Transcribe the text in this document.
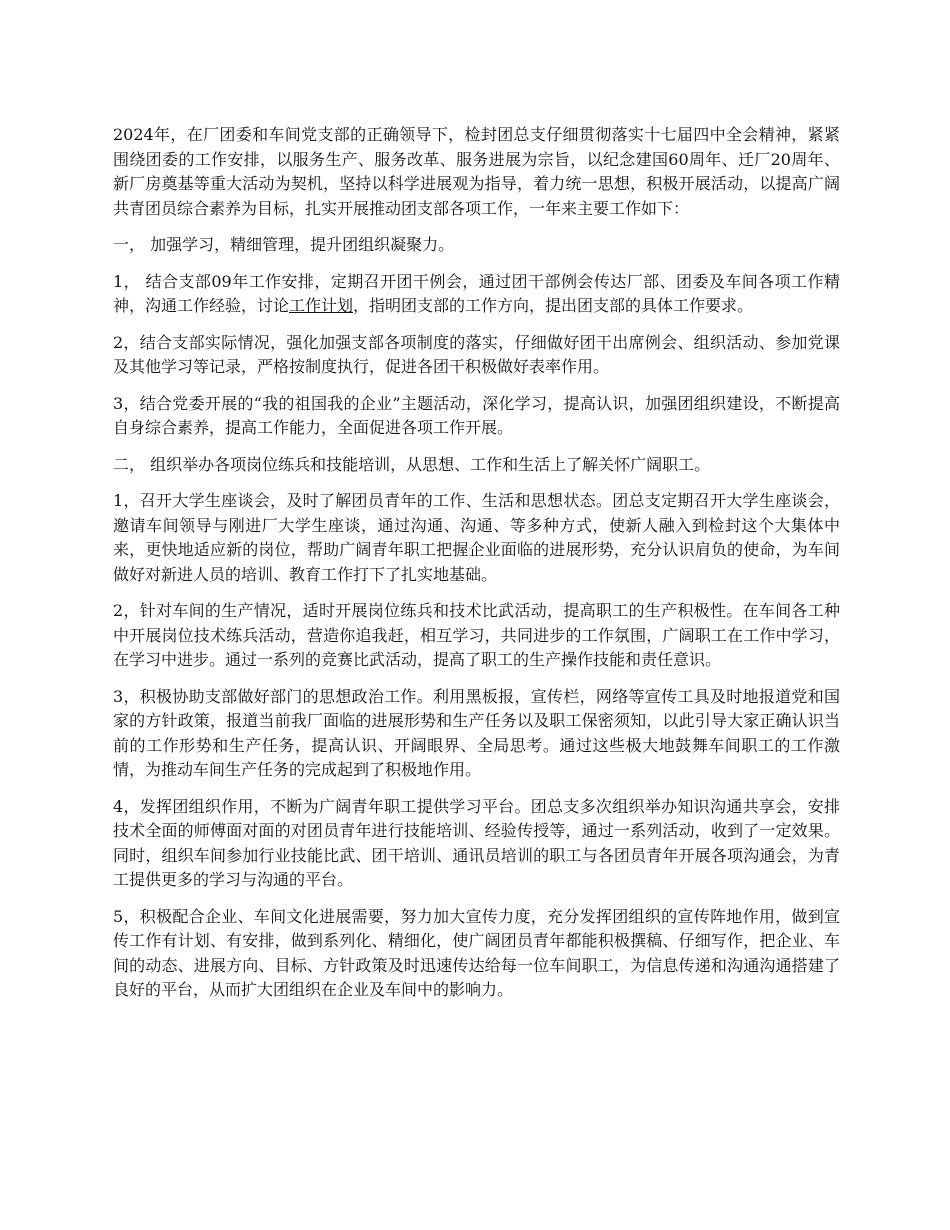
2024年，在厂团委和车间党支部的正确领导下，检封团总支仔细贯彻落实十七届四中全会精神，紧紧围绕团委的工作安排，以服务生产、服务改革、服务进展为宗旨，以纪念建国60周年、迁厂20周年、新厂房奠基等重大活动为契机，坚持以科学进展观为指导，着力统一思想，积极开展活动，以提高广阔共青团员综合素养为目标，扎实开展推动团支部各项工作，一年来主要工作如下：

一， 加强学习，精细管理，提升团组织凝聚力。

1， 结合支部09年工作安排，定期召开团干例会，通过团干部例会传达厂部、团委及车间各项工作精神，沟通工作经验，讨论工作计划，指明团支部的工作方向，提出团支部的具体工作要求。

2，结合支部实际情况，强化加强支部各项制度的落实，仔细做好团干出席例会、组织活动、参加党课及其他学习等记录，严格按制度执行，促进各团干积极做好表率作用。

3，结合党委开展的“我的祖国我的企业”主题活动，深化学习，提高认识，加强团组织建设，不断提高自身综合素养，提高工作能力，全面促进各项工作开展。

二， 组织举办各项岗位练兵和技能培训，从思想、工作和生活上了解关怀广阔职工。

1，召开大学生座谈会，及时了解团员青年的工作、生活和思想状态。团总支定期召开大学生座谈会，邀请车间领导与刚进厂大学生座谈，通过沟通、沟通、等多种方式，使新人融入到检封这个大集体中来，更快地适应新的岗位，帮助广阔青年职工把握企业面临的进展形势，充分认识肩负的使命，为车间做好对新进人员的培训、教育工作打下了扎实地基础。

2，针对车间的生产情况，适时开展岗位练兵和技术比武活动，提高职工的生产积极性。在车间各工种中开展岗位技术练兵活动，营造你追我赶，相互学习，共同进步的工作氛围，广阔职工在工作中学习，在学习中进步。通过一系列的竞赛比武活动，提高了职工的生产操作技能和责任意识。

3，积极协助支部做好部门的思想政治工作。利用黑板报，宣传栏，网络等宣传工具及时地报道党和国家的方针政策，报道当前我厂面临的进展形势和生产任务以及职工保密须知，以此引导大家正确认识当前的工作形势和生产任务，提高认识、开阔眼界、全局思考。通过这些极大地鼓舞车间职工的工作激情，为推动车间生产任务的完成起到了积极地作用。

4，发挥团组织作用，不断为广阔青年职工提供学习平台。团总支多次组织举办知识沟通共享会，安排技术全面的师傅面对面的对团员青年进行技能培训、经验传授等，通过一系列活动，收到了一定效果。同时，组织车间参加行业技能比武、团干培训、通讯员培训的职工与各团员青年开展各项沟通会，为青工提供更多的学习与沟通的平台。

5，积极配合企业、车间文化进展需要，努力加大宣传力度，充分发挥团组织的宣传阵地作用，做到宣传工作有计划、有安排，做到系列化、精细化，使广阔团员青年都能积极撰稿、仔细写作，把企业、车间的动态、进展方向、目标、方针政策及时迅速传达给每一位车间职工，为信息传递和沟通沟通搭建了良好的平台，从而扩大团组织在企业及车间中的影响力。
